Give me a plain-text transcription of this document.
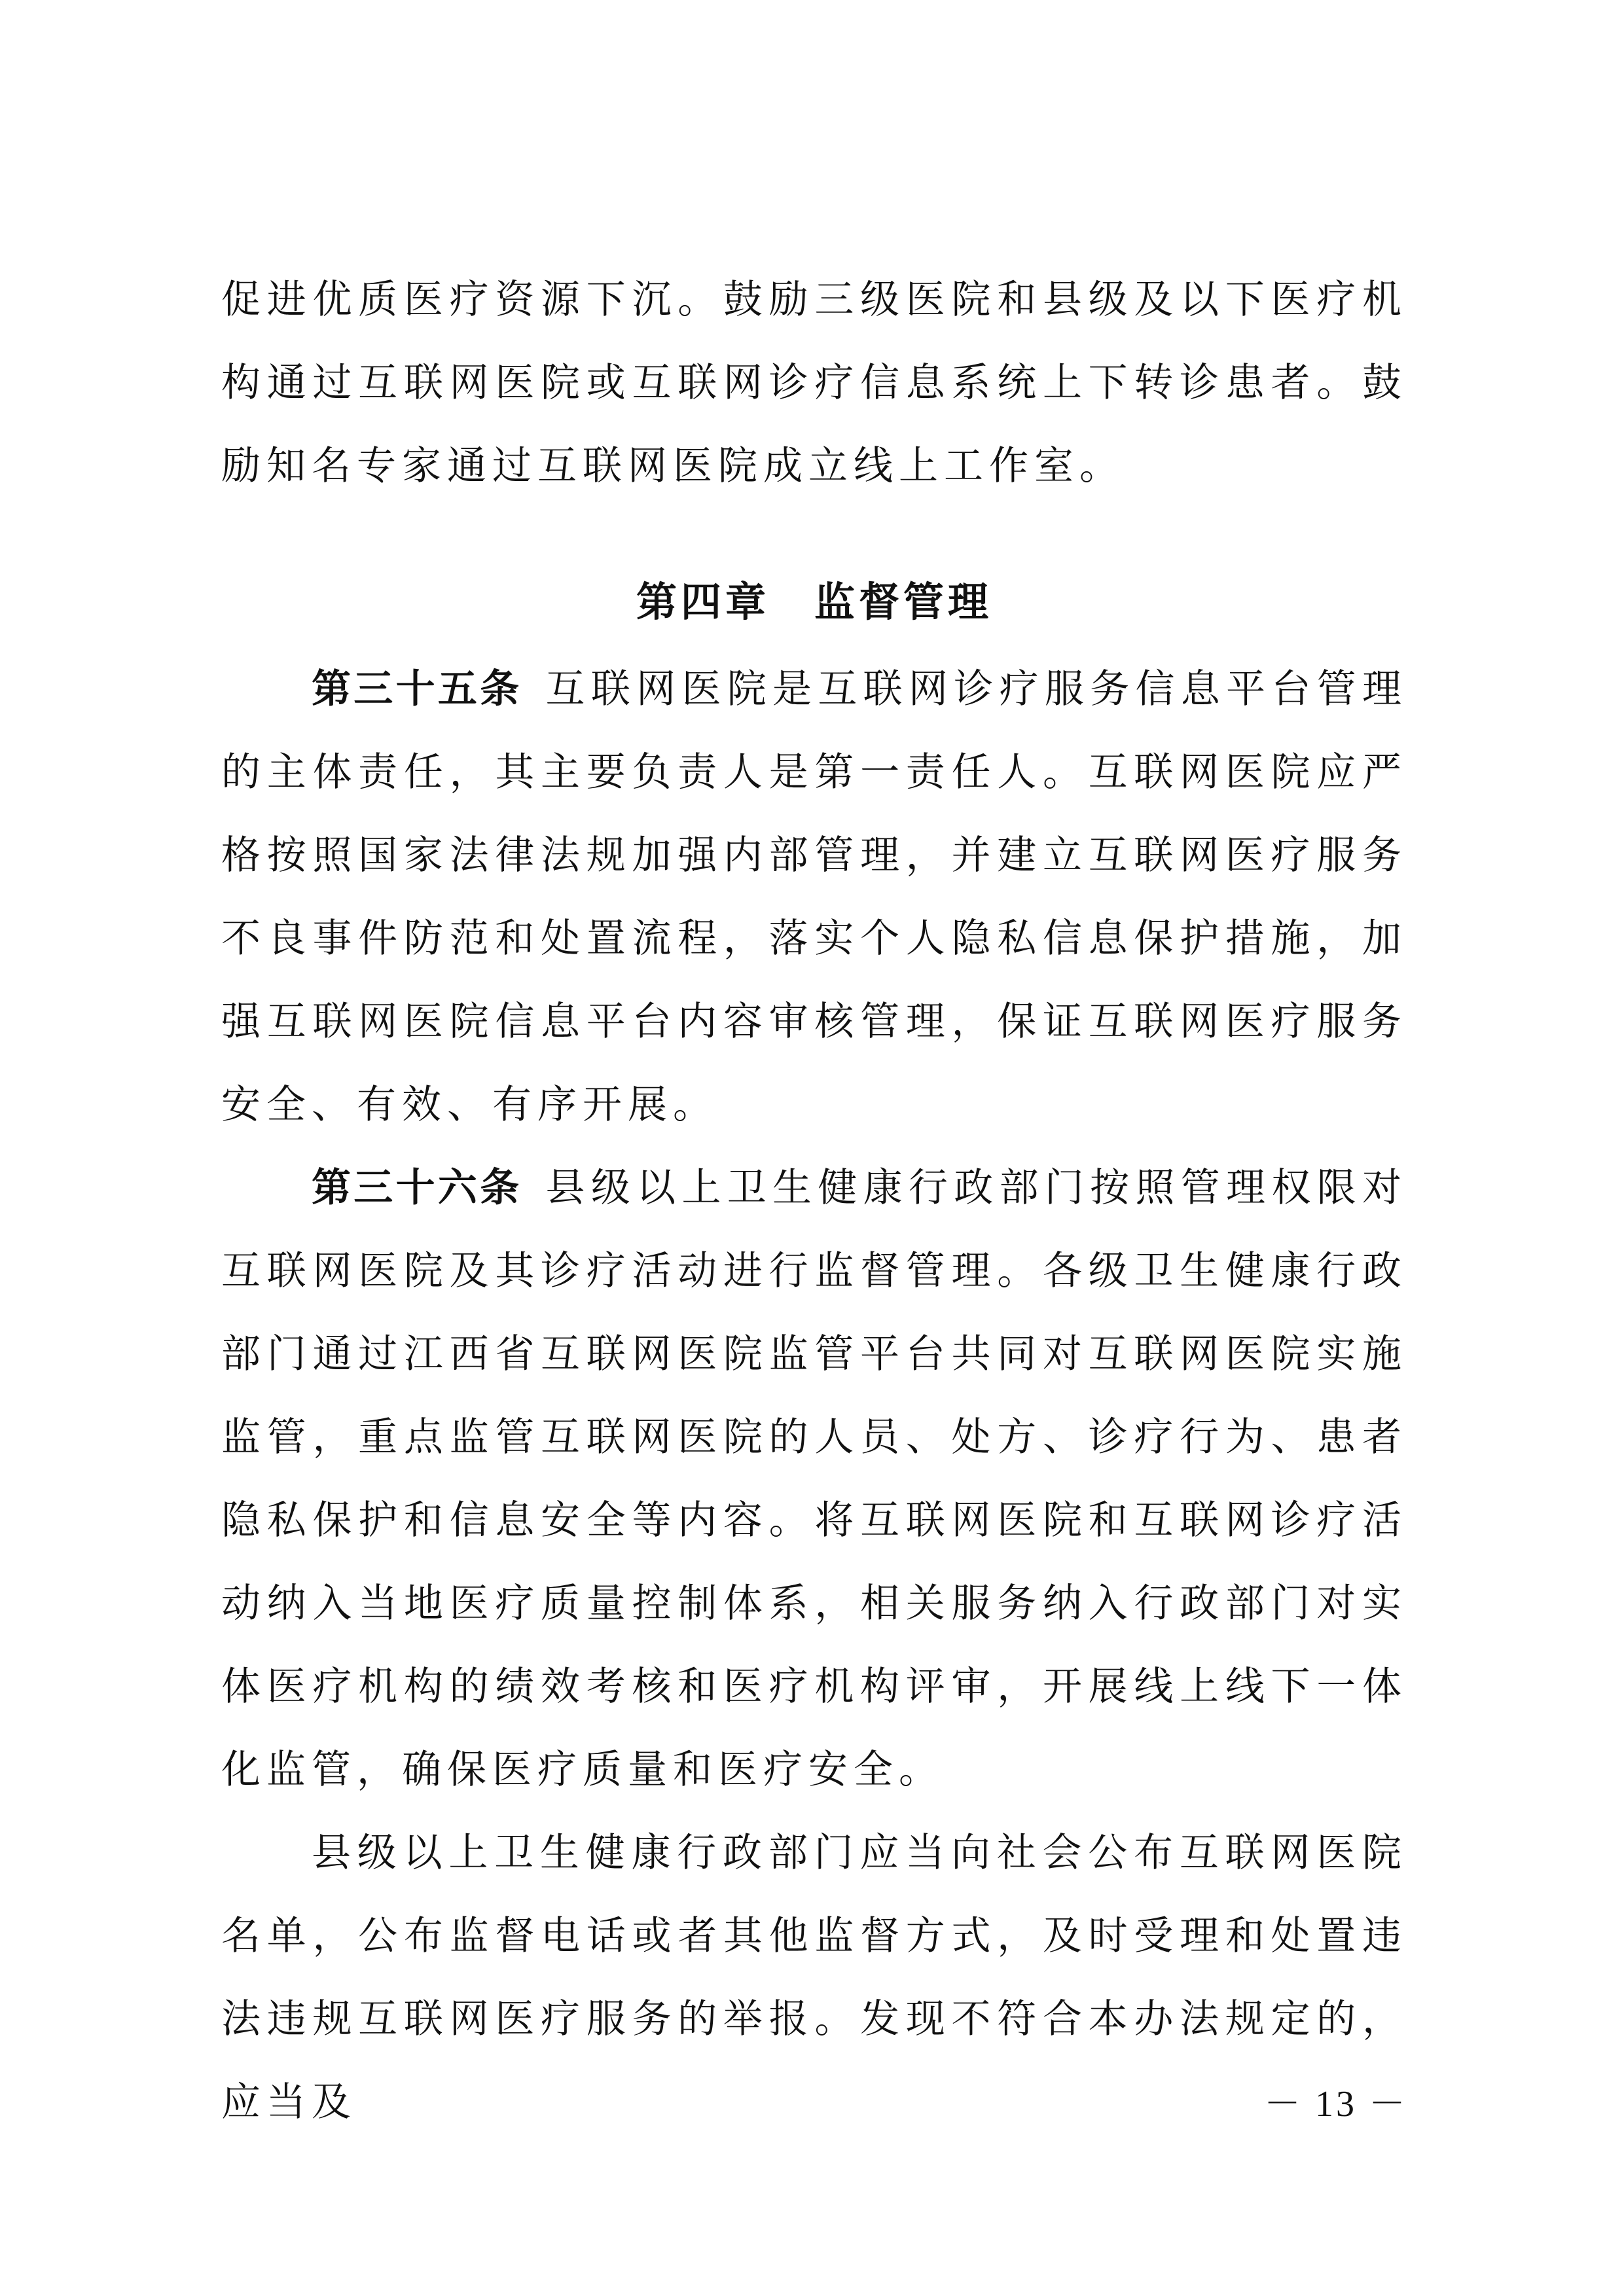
促进优质医疗资源下沉。鼓励三级医院和县级及以下医疗机构通过互联网医院或互联网诊疗信息系统上下转诊患者。鼓励知名专家通过互联网医院成立线上工作室。

第四章　监督管理

第三十五条 互联网医院是互联网诊疗服务信息平台管理的主体责任，其主要负责人是第一责任人。互联网医院应严格按照国家法律法规加强内部管理，并建立互联网医疗服务不良事件防范和处置流程，落实个人隐私信息保护措施，加强互联网医院信息平台内容审核管理，保证互联网医疗服务安全、有效、有序开展。

第三十六条 县级以上卫生健康行政部门按照管理权限对互联网医院及其诊疗活动进行监督管理。各级卫生健康行政部门通过江西省互联网医院监管平台共同对互联网医院实施监管，重点监管互联网医院的人员、处方、诊疗行为、患者隐私保护和信息安全等内容。将互联网医院和互联网诊疗活动纳入当地医疗质量控制体系，相关服务纳入行政部门对实体医疗机构的绩效考核和医疗机构评审，开展线上线下一体化监管，确保医疗质量和医疗安全。

县级以上卫生健康行政部门应当向社会公布互联网医院名单，公布监督电话或者其他监督方式，及时受理和处置违法违规互联网医疗服务的举报。发现不符合本办法规定的，应当及	－ 13 －
